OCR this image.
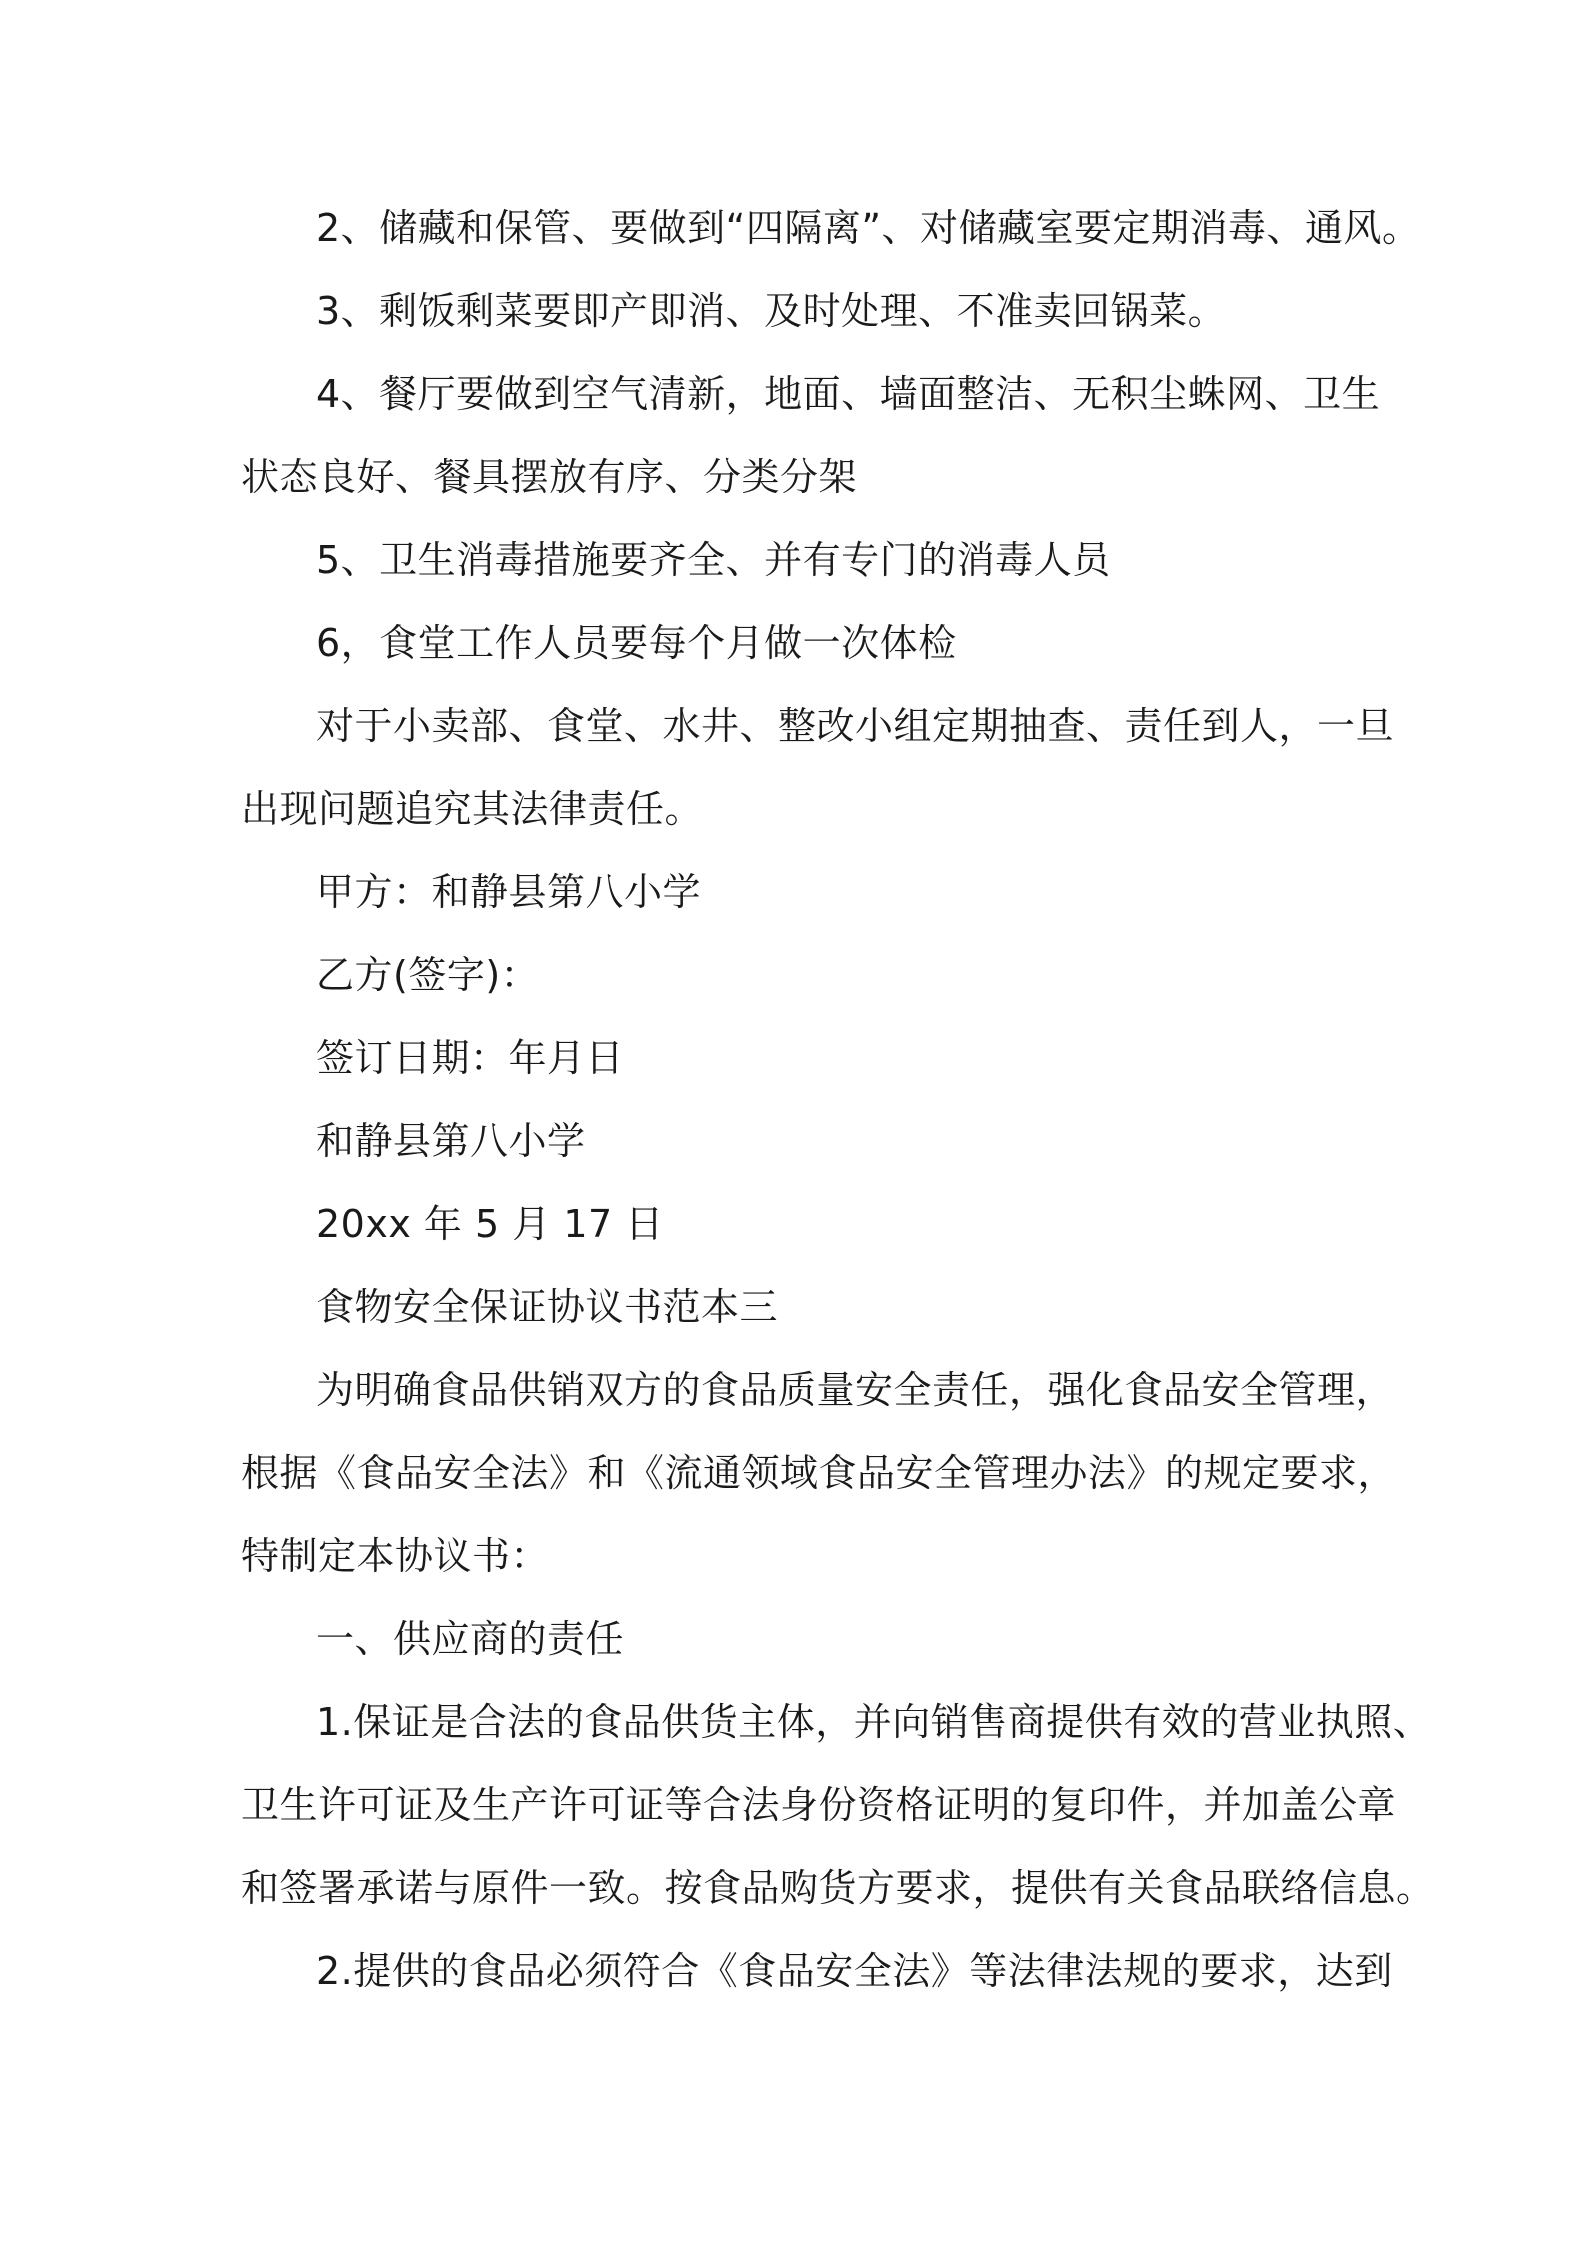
2、储藏和保管、要做到“四隔离”、对储藏室要定期消毒、通风。

3、剩饭剩菜要即产即消、及时处理、不准卖回锅菜。

4、餐厅要做到空气清新，地面、墙面整洁、无积尘蛛网、卫生

状态良好、餐具摆放有序、分类分架

5、卫生消毒措施要齐全、并有专门的消毒人员

6，食堂工作人员要每个月做一次体检

对于小卖部、食堂、水井、整改小组定期抽查、责任到人，一旦

出现问题追究其法律责任。

甲方：和静县第八小学

乙方(签字)：

签订日期：年月日

和静县第八小学

20xx 年 5 月 17 日

食物安全保证协议书范本三

为明确食品供销双方的食品质量安全责任，强化食品安全管理，

根据《食品安全法》和《流通领域食品安全管理办法》的规定要求，

特制定本协议书：

一、供应商的责任

1.保证是合法的食品供货主体，并向销售商提供有效的营业执照、

卫生许可证及生产许可证等合法身份资格证明的复印件，并加盖公章

和签署承诺与原件一致。按食品购货方要求，提供有关食品联络信息。

2.提供的食品必须符合《食品安全法》等法律法规的要求，达到
